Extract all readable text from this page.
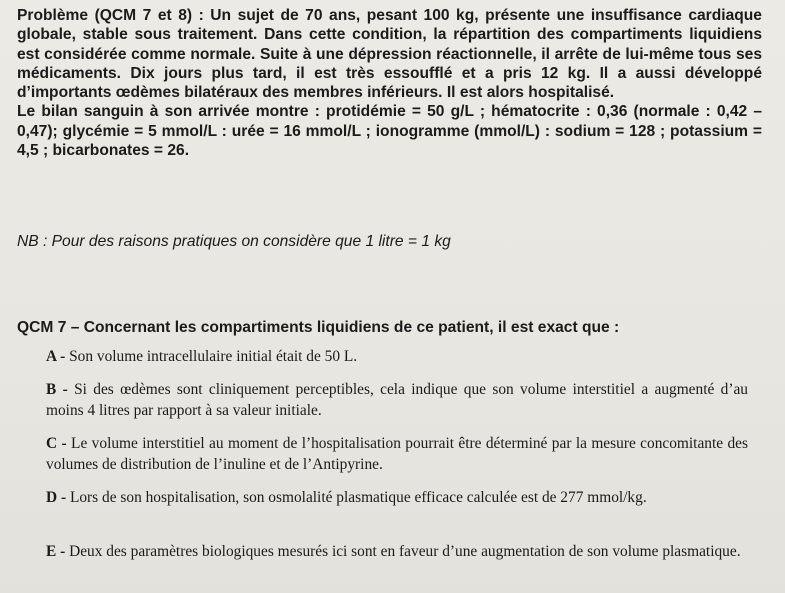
Problème (QCM 7 et 8) : Un sujet de 70 ans, pesant 100 kg, présente une insuffisance cardiaque globale, stable sous traitement. Dans cette condition, la répartition des compartiments liquidiens est considérée comme normale. Suite à une dépression réactionnelle, il arrête de lui-même tous ses médicaments. Dix jours plus tard, il est très essoufflé et a pris 12 kg. Il a aussi développé d’importants œdèmes bilatéraux des membres inférieurs. Il est alors hospitalisé.

Le bilan sanguin à son arrivée montre : protidémie = 50 g/L ; hématocrite : 0,36 (normale : 0,42 – 0,47); glycémie = 5 mmol/L : urée = 16 mmol/L ; ionogramme (mmol/L) : sodium = 128 ; potassium = 4,5 ; bicarbonates = 26.

NB : Pour des raisons pratiques on considère que 1 litre = 1 kg
QCM 7 – Concernant les compartiments liquidiens de ce patient, il est exact que :
A - Son volume intracellulaire initial était de 50 L.
B - Si des œdèmes sont cliniquement perceptibles, cela indique que son volume interstitiel a augmenté d’au moins 4 litres par rapport à sa valeur initiale.
C - Le volume interstitiel au moment de l’hospitalisation pourrait être déterminé par la mesure concomitante des volumes de distribution de l’inuline et de l’Antipyrine.
D - Lors de son hospitalisation, son osmolalité plasmatique efficace calculée est de 277 mmol/kg.
E - Deux des paramètres biologiques mesurés ici sont en faveur d’une augmentation de son volume plasmatique.
